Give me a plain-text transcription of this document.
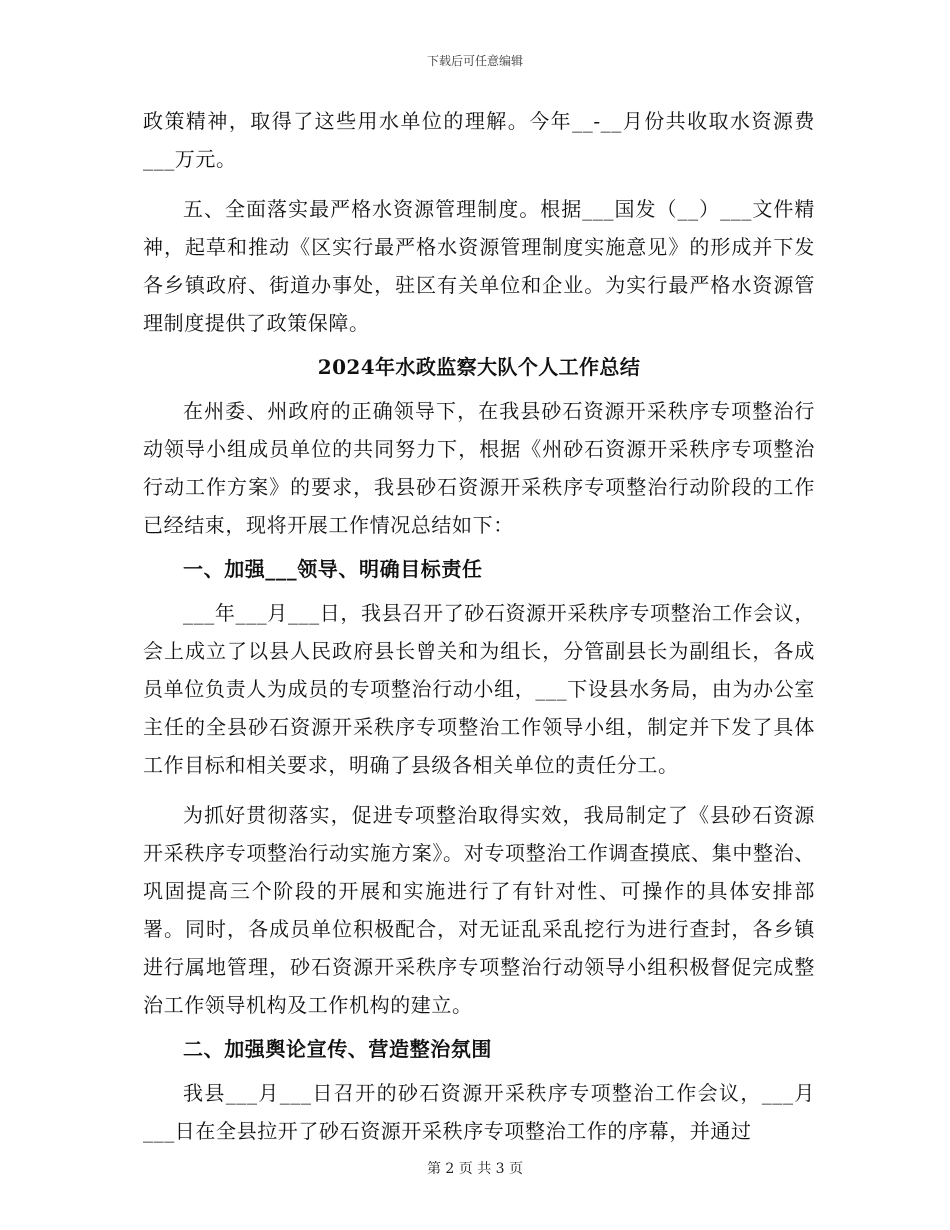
下载后可任意编辑

政策精神，取得了这些用水单位的理解。今年__-__月份共收取水资源费___万元。

五、全面落实最严格水资源管理制度。根据___国发（__）___文件精神，起草和推动《区实行最严格水资源管理制度实施意见》的形成并下发各乡镇政府、街道办事处，驻区有关单位和企业。为实行最严格水资源管理制度提供了政策保障。

2024年水政监察大队个人工作总结

在州委、州政府的正确领导下，在我县砂石资源开采秩序专项整治行动领导小组成员单位的共同努力下，根据《州砂石资源开采秩序专项整治行动工作方案》的要求，我县砂石资源开采秩序专项整治行动阶段的工作已经结束，现将开展工作情况总结如下：

一、加强___领导、明确目标责任

___年___月___日，我县召开了砂石资源开采秩序专项整治工作会议，会上成立了以县人民政府县长曾关和为组长，分管副县长为副组长，各成员单位负责人为成员的专项整治行动小组，___下设县水务局，由为办公室主任的全县砂石资源开采秩序专项整治工作领导小组，制定并下发了具体工作目标和相关要求，明确了县级各相关单位的责任分工。

为抓好贯彻落实，促进专项整治取得实效，我局制定了《县砂石资源开采秩序专项整治行动实施方案》。对专项整治工作调查摸底、集中整治、巩固提高三个阶段的开展和实施进行了有针对性、可操作的具体安排部署。同时，各成员单位积极配合，对无证乱采乱挖行为进行查封，各乡镇进行属地管理，砂石资源开采秩序专项整治行动领导小组积极督促完成整治工作领导机构及工作机构的建立。

二、加强舆论宣传、营造整治氛围

我县___月___日召开的砂石资源开采秩序专项整治工作会议，___月___日在全县拉开了砂石资源开采秩序专项整治工作的序幕，并通过

第 2 页 共 3 页
